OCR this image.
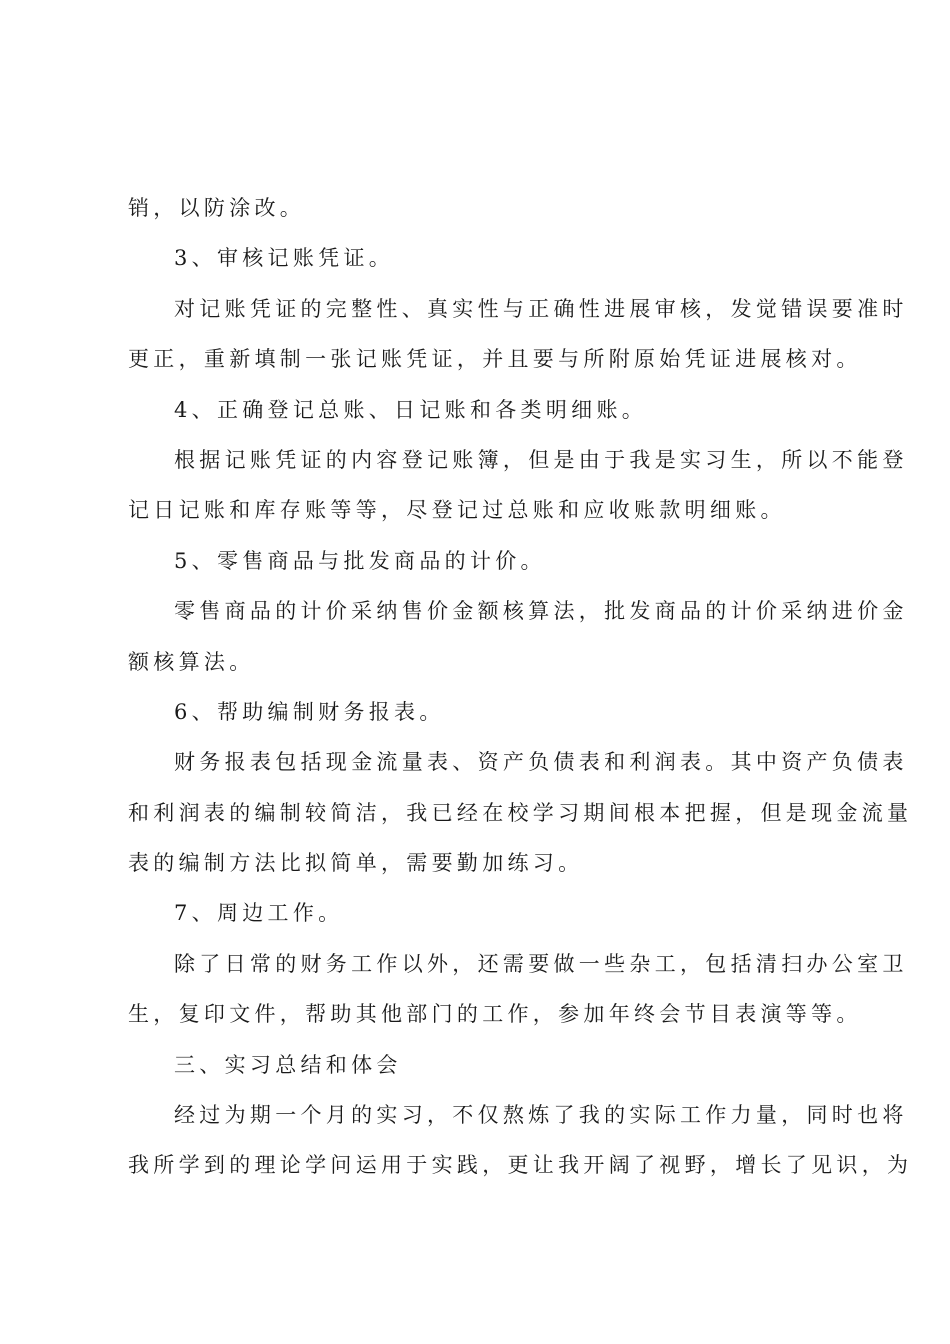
销，以防涂改。
3、审核记账凭证。
对记账凭证的完整性、真实性与正确性进展审核，发觉错误要准时
更正，重新填制一张记账凭证，并且要与所附原始凭证进展核对。
4、正确登记总账、日记账和各类明细账。
根据记账凭证的内容登记账簿，但是由于我是实习生，所以不能登
记日记账和库存账等等，尽登记过总账和应收账款明细账。
5、零售商品与批发商品的计价。
零售商品的计价采纳售价金额核算法，批发商品的计价采纳进价金
额核算法。
6、帮助编制财务报表。
财务报表包括现金流量表、资产负债表和利润表。其中资产负债表
和利润表的编制较简洁，我已经在校学习期间根本把握，但是现金流量
表的编制方法比拟简单，需要勤加练习。
7、周边工作。
除了日常的财务工作以外，还需要做一些杂工，包括清扫办公室卫
生，复印文件，帮助其他部门的工作，参加年终会节目表演等等。
三、实习总结和体会
经过为期一个月的实习，不仅熬炼了我的实际工作力量，同时也将
我所学到的理论学问运用于实践，更让我开阔了视野，增长了见识，为
